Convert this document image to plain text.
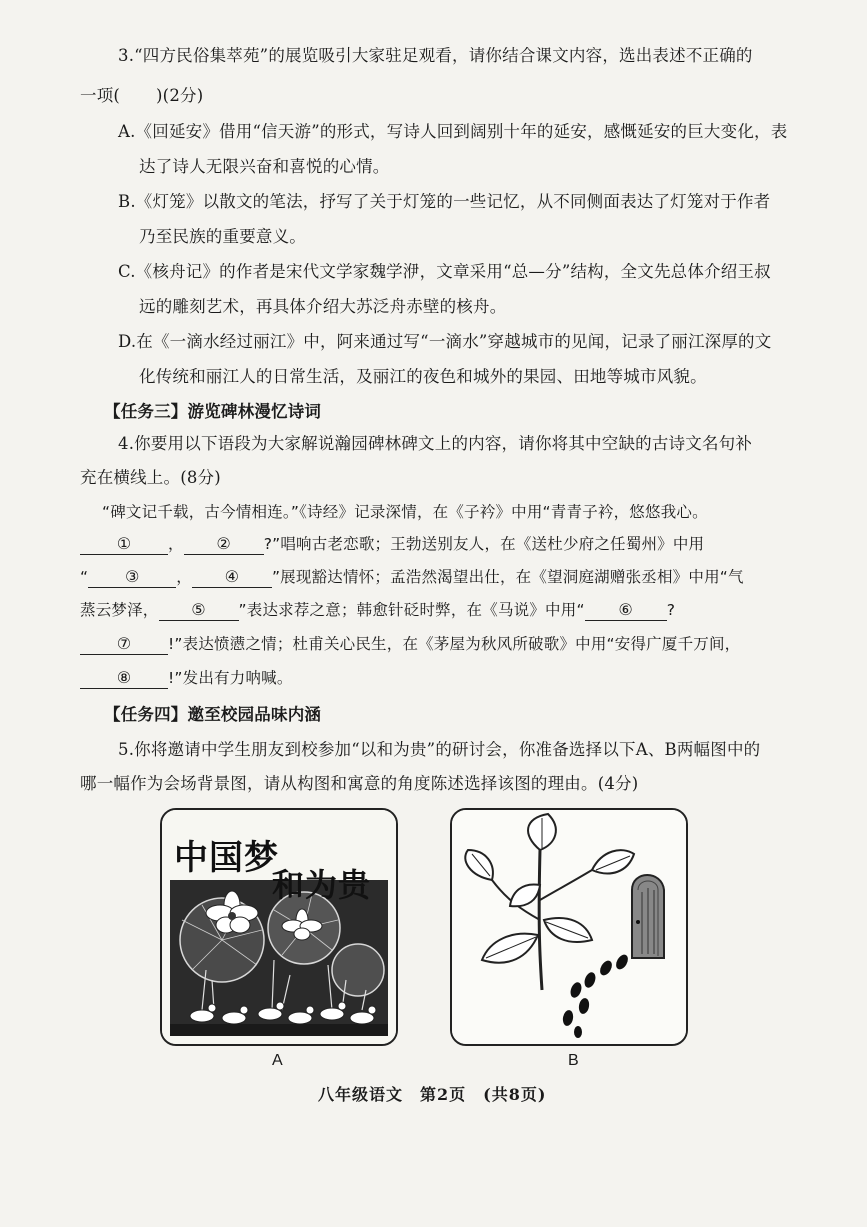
3.“四方民俗集萃苑”的展览吸引大家驻足观看，请你结合课文内容，选出表述不正确的
一项( )(2分)
A.《回延安》借用“信天游”的形式，写诗人回到阔别十年的延安，感慨延安的巨大变化，表
达了诗人无限兴奋和喜悦的心情。
B.《灯笼》以散文的笔法，抒写了关于灯笼的一些记忆，从不同侧面表达了灯笼对于作者
乃至民族的重要意义。
C.《核舟记》的作者是宋代文学家魏学洢，文章采用“总—分”结构，全文先总体介绍王叔
远的雕刻艺术，再具体介绍大苏泛舟赤壁的核舟。
D.在《一滴水经过丽江》中，阿来通过写“一滴水”穿越城市的见闻，记录了丽江深厚的文
化传统和丽江人的日常生活，及丽江的夜色和城外的果园、田地等城市风貌。
【任务三】游览碑林漫忆诗词
4.你要用以下语段为大家解说瀚园碑林碑文上的内容，请你将其中空缺的古诗文名句补
充在横线上。(8分)
“碑文记千载，古今情相连。”《诗经》记录深情，在《子衿》中用“青青子衿，悠悠我心。
① ， ② ?”唱响古老恋歌；王勃送别友人，在《送杜少府之任蜀州》中用
“ ③ ， ④ ”展现豁达情怀；孟浩然渴望出仕，在《望洞庭湖赠张丞相》中用“气
蒸云梦泽， ⑤ ”表达求荐之意；韩愈针砭时弊，在《马说》中用“ ⑥ ?
⑦ !”表达愤懑之情；杜甫关心民生，在《茅屋为秋风所破歌》中用“安得广厦千万间，
⑧ !”发出有力呐喊。
【任务四】邀至校园品味内涵
5.你将邀请中学生朋友到校参加“以和为贵”的研讨会，你准备选择以下A、B两幅图中的
哪一幅作为会场背景图，请从构图和寓意的角度陈述选择该图的理由。(4分)
中国梦
和为贵
A	B
八年级语文　第2页　(共8页)
